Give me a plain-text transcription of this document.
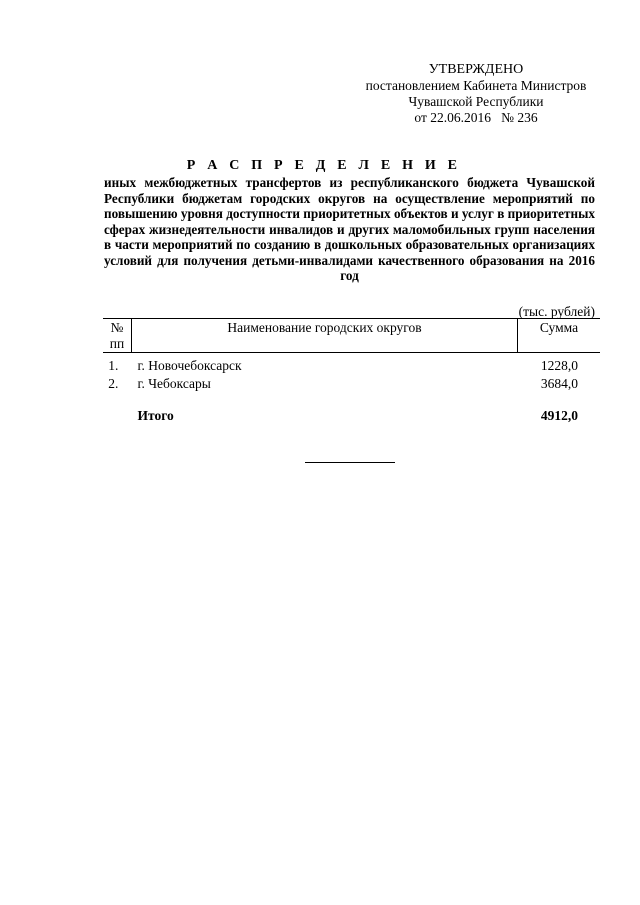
УТВЕРЖДЕНО
постановлением Кабинета Министров
Чувашской Республики
от 22.06.2016   № 236
Р А С П Р Е Д Е Л Е Н И Е
иных межбюджетных трансфертов из республиканского бюджета Чувашской Республики бюджетам городских округов на осуществление мероприятий по повышению уровня доступности приоритетных объектов и услуг в приоритетных сферах жизнедеятельности инвалидов и других маломобильных групп населения в части мероприятий по созданию в дошкольных образовательных организациях условий для получения детьми-инвалидами качественного образования на 2016 год
(тыс. рублей)
№ пп	Наименование городских округов	Сумма
1.	г. Новочебоксарск	1228,0
2.	г. Чебоксары	3684,0

	Итого	4912,0
